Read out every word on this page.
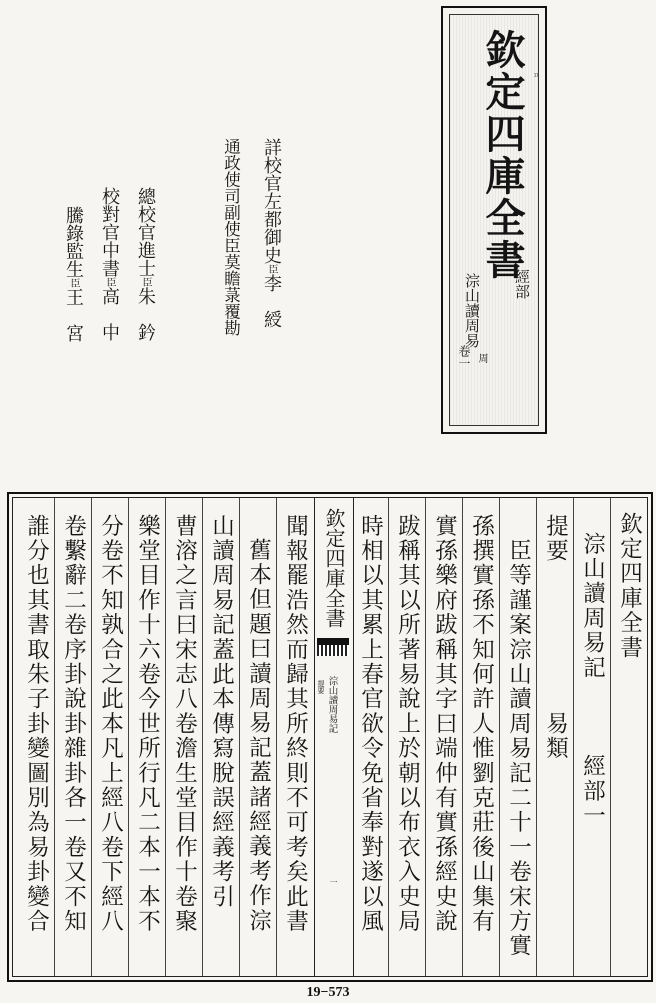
欽定四庫全書 ㅍ
經部
淙山讀周易
卷一 周
詳校官左都御史臣李　綬
通政使司副使臣莫瞻菉覆勘
總校官進士臣朱　鈐
校對官中書臣高　中
騰錄監生臣王　宮
欽定四庫全書
淙山讀周易記　　　經部一
提要　　　　　　易類
　臣等謹案淙山讀周易記二十一卷宋方實
孫撰實孫不知何許人惟劉克莊後山集有
實孫樂府跋稱其字曰端仲有實孫經史說
跋稱其以所著易說上於朝以布衣入史局
時相以其累上春官欲令免省奉對遂以風
欽定四庫全書
淙山讀周易記
提要
一
聞報罷浩然而歸其所終則不可考矣此書
舊本但題曰讀周易記蓋諸經義考作淙
山讀周易記蓋此本傳寫脫誤經義考引
曹溶之言曰宋志八卷澹生堂目作十卷聚
樂堂目作十六卷今世所行凡二本一本不
分卷不知孰合之此本凡上經八卷下經八
卷繫辭二卷序卦說卦雜卦各一卷又不知
誰分也其書取朱子卦變圖別為易卦變合
19−573
